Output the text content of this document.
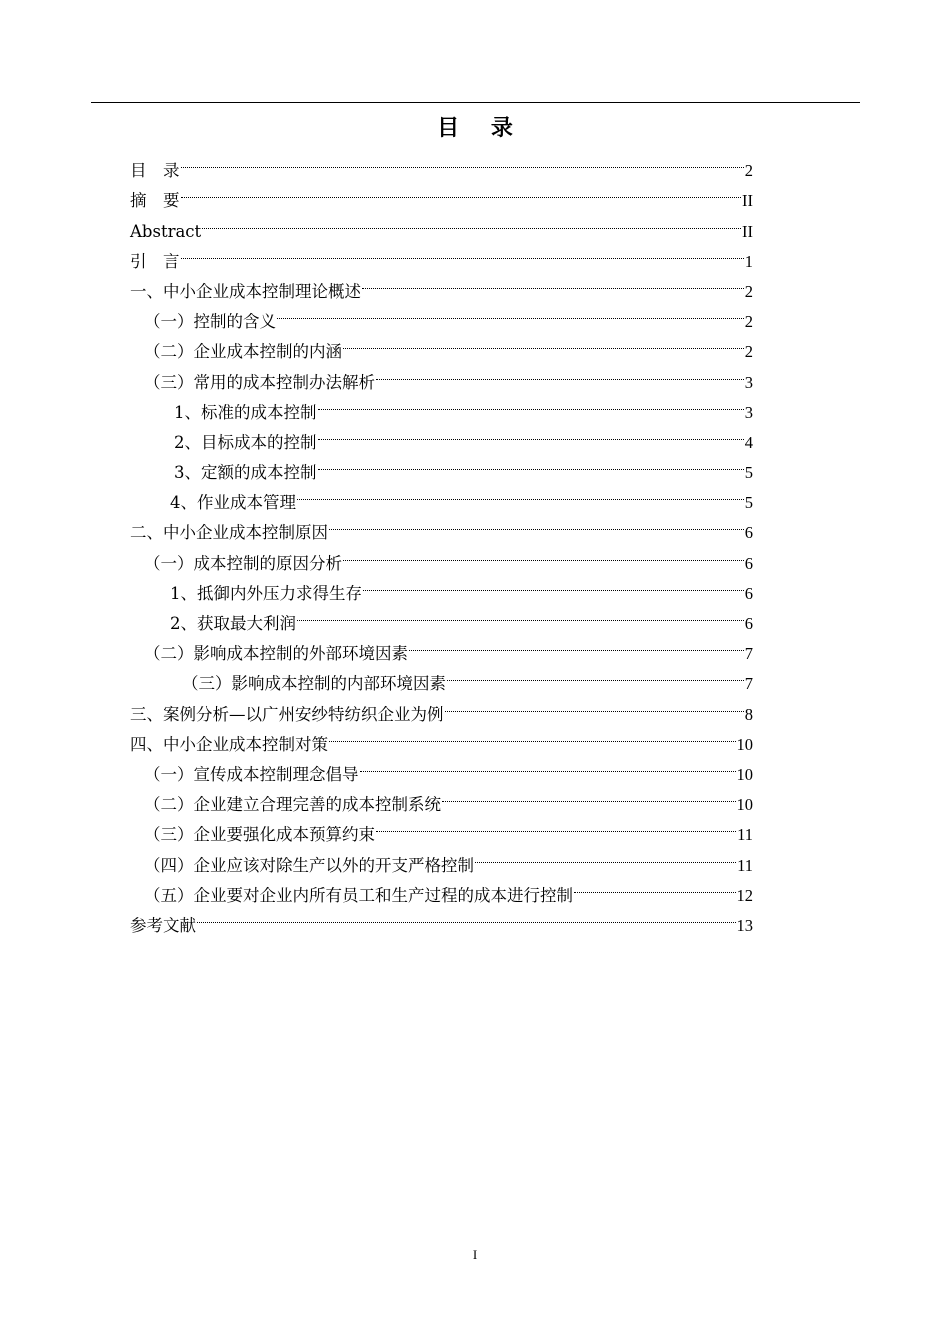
目 录
目　录	2
摘　要	II
Abstract	II
引　言	1
一、中小企业成本控制理论概述	2
（一）控制的含义	2
（二）企业成本控制的内涵	2
（三）常用的成本控制办法解析	3
1、标准的成本控制	3
2、目标成本的控制	4
3、定额的成本控制	5
4、作业成本管理	5
二、中小企业成本控制原因	6
（一）成本控制的原因分析	6
1、抵御内外压力求得生存	6
2、获取最大利润	6
（二）影响成本控制的外部环境因素	7
（三）影响成本控制的内部环境因素	7
三、案例分析—以广州安纱特纺织企业为例	8
四、中小企业成本控制对策	10
（一）宣传成本控制理念倡导	10
（二）企业建立合理完善的成本控制系统	10
（三）企业要强化成本预算约束	11
（四）企业应该对除生产以外的开支严格控制	11
（五）企业要对企业内所有员工和生产过程的成本进行控制	12
参考文献	13
I
